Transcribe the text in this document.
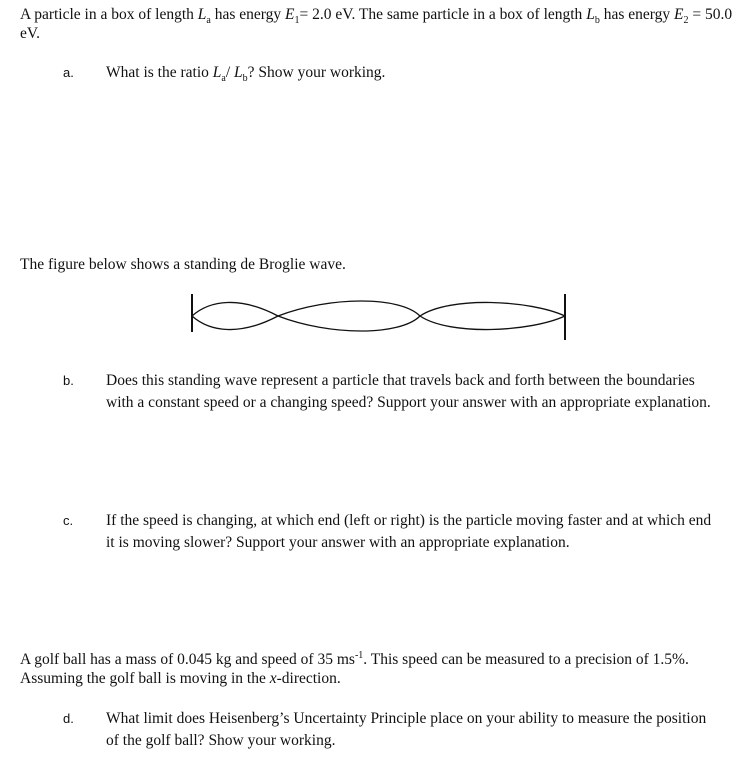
A particle in a box of length $L_a$ has energy $E_1= 2.0$ eV. The same particle in a box of length $L_b$ has energy $E_2 = 50.0$ eV.
a. What is the ratio $L_a/$ $L_b$? Show your working.
The figure below shows a standing de Broglie wave.
b. Does this standing wave represent a particle that travels back and forth between the boundaries with a constant speed or a changing speed? Support your answer with an appropriate explanation.
c. If the speed is changing, at which end (left or right) is the particle moving faster and at which end it is moving slower? Support your answer with an appropriate explanation.
A golf ball has a mass of 0.045 kg and speed of 35 $ms^{-1}$. This speed can be measured to a precision of 1.5%. Assuming the golf ball is moving in the x-direction.
d. What limit does Heisenberg’s Uncertainty Principle place on your ability to measure the position of the golf ball? Show your working.
